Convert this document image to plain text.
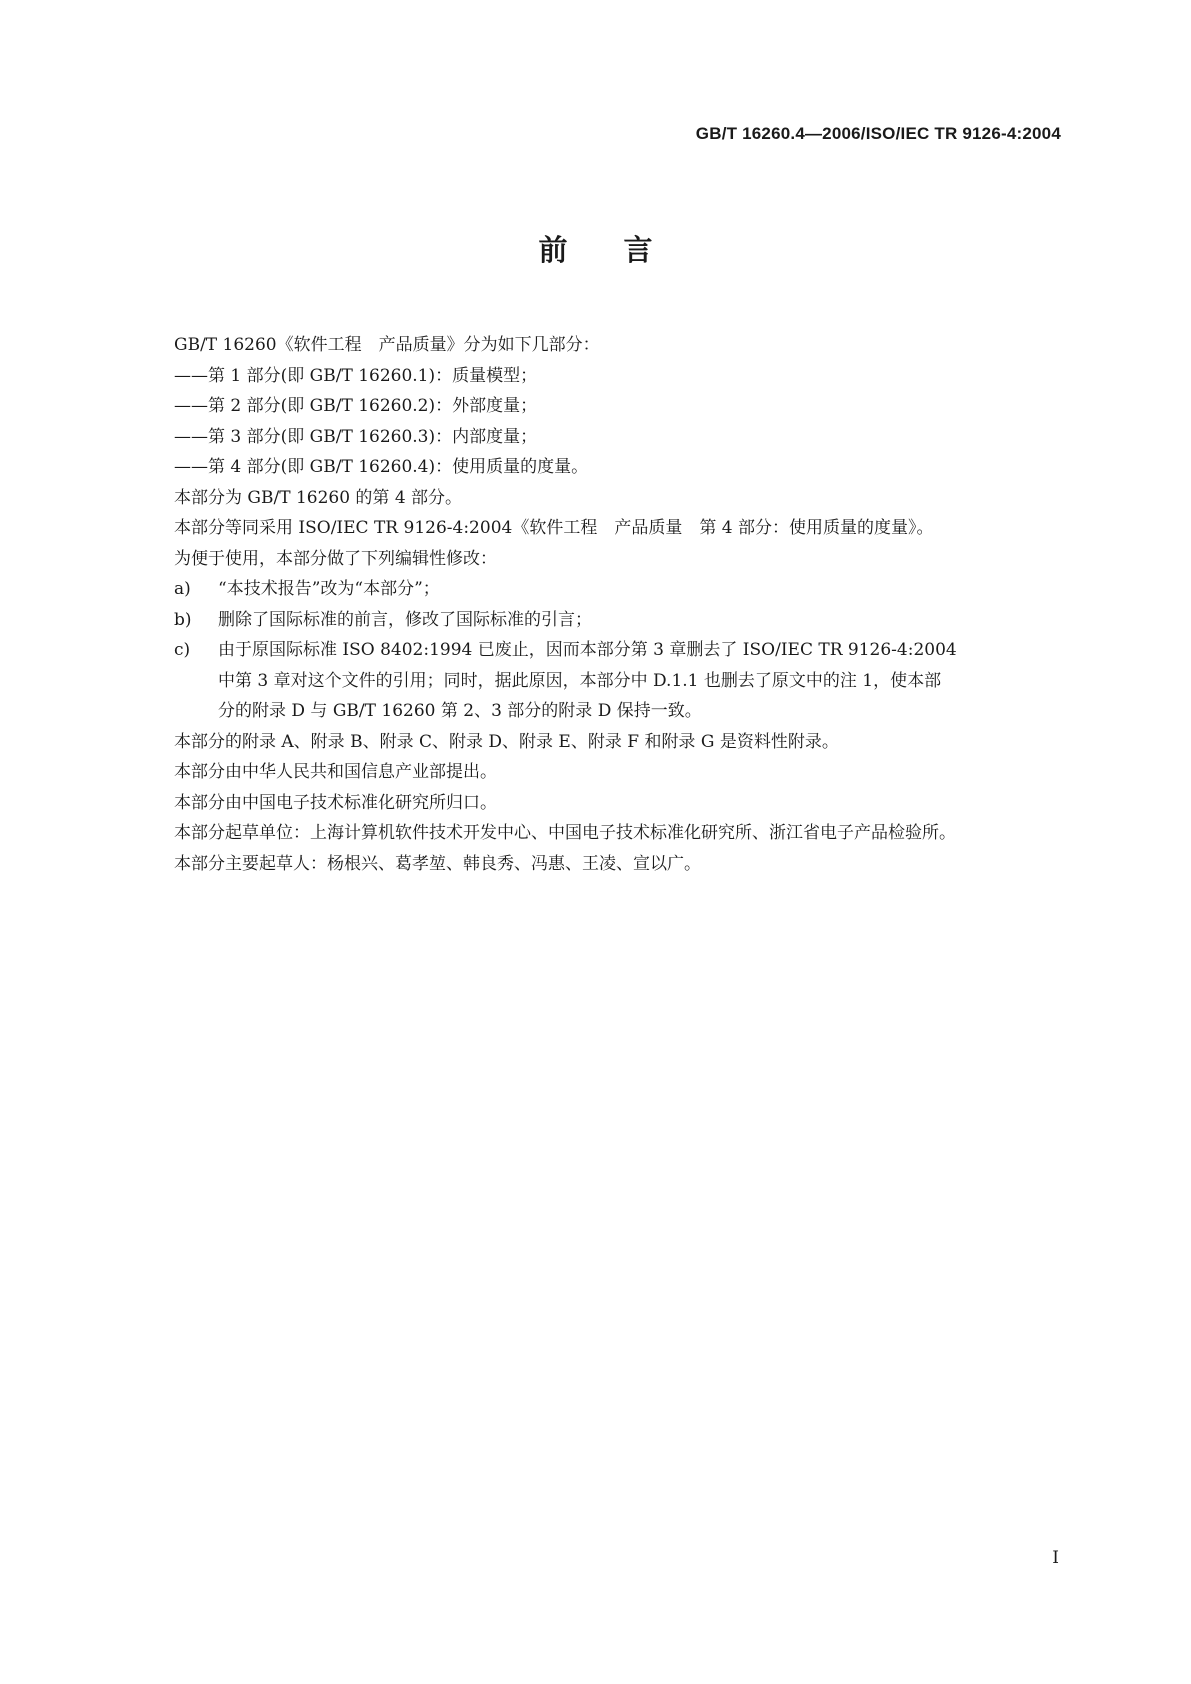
GB/T 16260.4—2006/ISO/IEC TR 9126-4:2004
前言
GB/T 16260《软件工程　产品质量》分为如下几部分：
——第 1 部分(即 GB/T 16260.1)：质量模型；
——第 2 部分(即 GB/T 16260.2)：外部度量；
——第 3 部分(即 GB/T 16260.3)：内部度量；
——第 4 部分(即 GB/T 16260.4)：使用质量的度量。
本部分为 GB/T 16260 的第 4 部分。
本部分等同采用 ISO/IEC TR 9126-4:2004《软件工程　产品质量　第 4 部分：使用质量的度量》。
为便于使用，本部分做了下列编辑性修改：
a) “本技术报告”改为“本部分”；
b) 删除了国际标准的前言，修改了国际标准的引言；
c) 由于原国际标准 ISO 8402:1994 已废止，因而本部分第 3 章删去了 ISO/IEC TR 9126-4:2004
中第 3 章对这个文件的引用；同时，据此原因，本部分中 D.1.1 也删去了原文中的注 1，使本部
分的附录 D 与 GB/T 16260 第 2、3 部分的附录 D 保持一致。
本部分的附录 A、附录 B、附录 C、附录 D、附录 E、附录 F 和附录 G 是资料性附录。
本部分由中华人民共和国信息产业部提出。
本部分由中国电子技术标准化研究所归口。
本部分起草单位：上海计算机软件技术开发中心、中国电子技术标准化研究所、浙江省电子产品检验所。
本部分主要起草人：杨根兴、葛孝堃、韩良秀、冯惠、王凌、宣以广。
I
